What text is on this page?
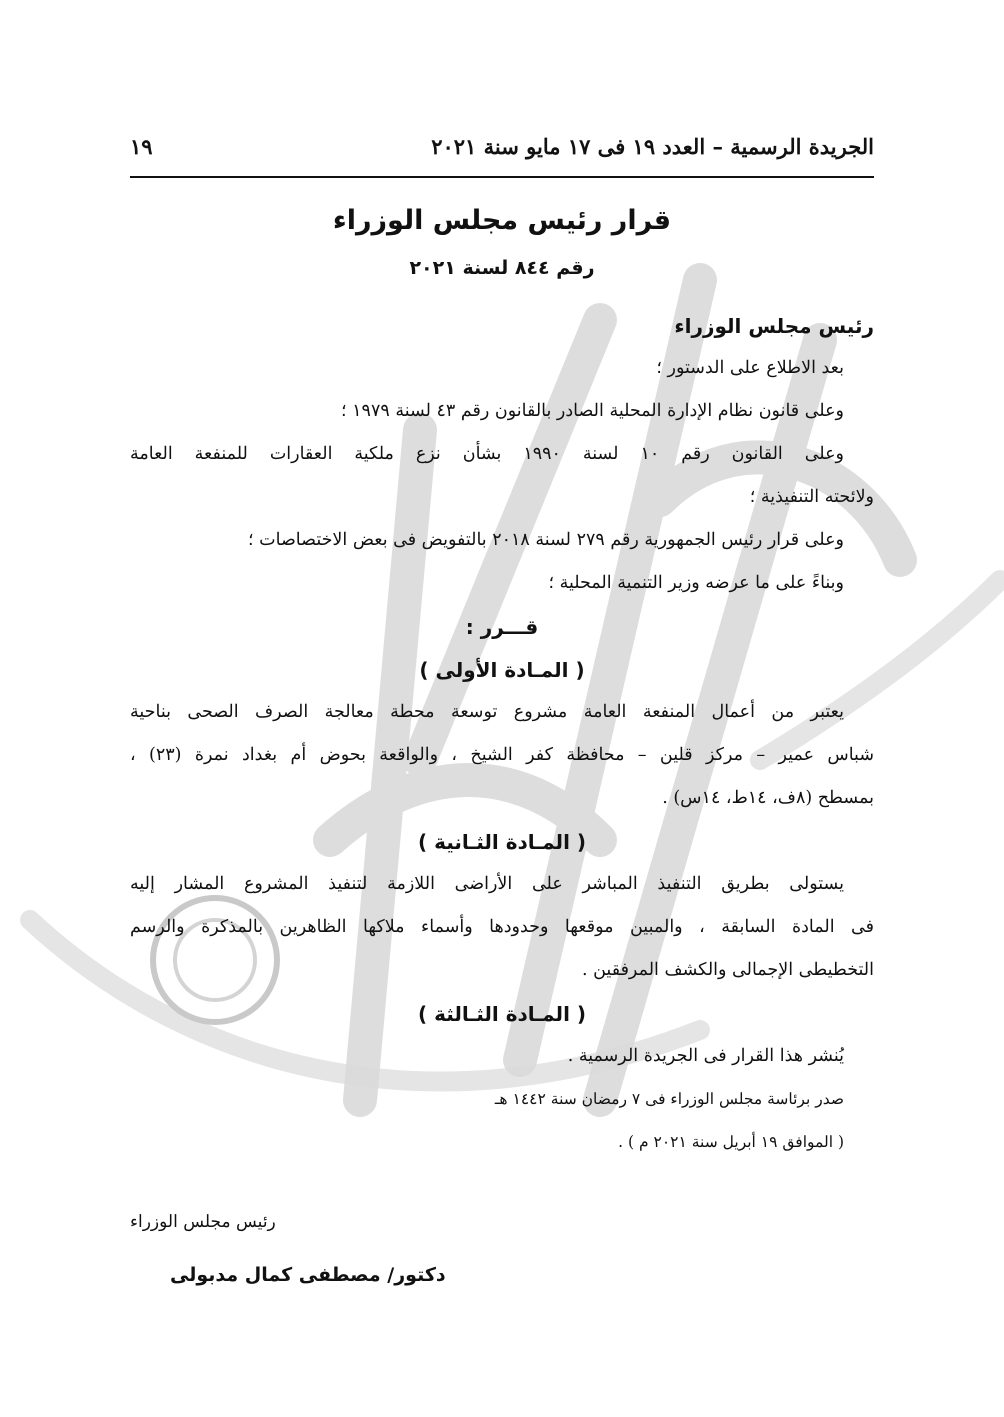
الجريدة الرسمية – العدد ١٩ فى ١٧ مايو سنة ٢٠٢١
١٩
قرار رئيس مجلس الوزراء
رقم ٨٤٤ لسنة ٢٠٢١
رئيس مجلس الوزراء
بعد الاطلاع على الدستور ؛
وعلى قانون نظام الإدارة المحلية الصادر بالقانون رقم ٤٣ لسنة ١٩٧٩ ؛
وعلى القانون رقم ١٠ لسنة ١٩٩٠ بشأن نزع ملكية العقارات للمنفعة العامة
ولائحته التنفيذية ؛
وعلى قرار رئيس الجمهورية رقم ٢٧٩ لسنة ٢٠١٨ بالتفويض فى بعض الاختصاصات ؛
وبناءً على ما عرضه وزير التنمية المحلية ؛
قـــرر :
( المـادة الأولى )
يعتبر من أعمال المنفعة العامة مشروع توسعة محطة معالجة الصرف الصحى بناحية
شباس عمير – مركز قلين – محافظة كفر الشيخ ، والواقعة بحوض أم بغداد نمرة (٢٣) ،
بمسطح (٨ف، ١٤ط، ١٤س) .
( المـادة الثـانية )
يستولى بطريق التنفيذ المباشر على الأراضى اللازمة لتنفيذ المشروع المشار إليه
فى المادة السابقة ، والمبين موقعها وحدودها وأسماء ملاكها الظاهرين بالمذكرة والرسم
التخطيطى الإجمالى والكشف المرفقين .
( المـادة الثـالثة )
يُنشر هذا القرار فى الجريدة الرسمية .
صدر برئاسة مجلس الوزراء فى ٧ رمضان سنة ١٤٤٢ هـ
( الموافق ١٩ أبريل سنة ٢٠٢١ م ) .
رئيس مجلس الوزراء
دكتور/ مصطفى كمال مدبولى
